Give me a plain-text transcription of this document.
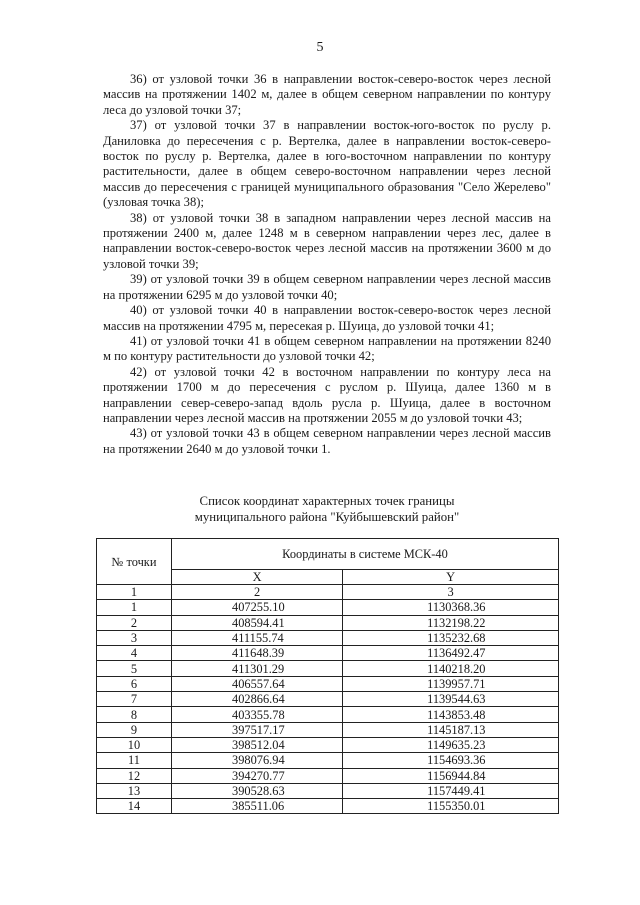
5

36) от узловой точки 36 в направлении восток-северо-восток через лесной массив на протяжении 1402 м, далее в общем северном направлении по контуру леса до узловой точки 37;

37) от узловой точки 37 в направлении восток-юго-восток по руслу р. Даниловка до пересечения с р. Вертелка, далее в направлении восток-северо-восток по руслу р. Вертелка, далее в юго-восточном направлении по контуру растительности, далее в общем северо-восточном направлении через лесной массив до пересечения с границей муниципального образования "Село Жерелево" (узловая точка 38);

38) от узловой точки 38 в западном направлении через лесной массив на протяжении 2400 м, далее 1248 м в северном направлении через лес, далее в направлении восток-северо-восток через лесной массив на протяжении 3600 м до узловой точки 39;

39) от узловой точки 39 в общем северном направлении через лесной массив на протяжении 6295 м до узловой точки 40;

40) от узловой точки 40 в направлении восток-северо-восток через лесной массив на протяжении 4795 м, пересекая р. Шуица, до узловой точки 41;

41) от узловой точки 41 в общем северном направлении на протяжении 8240 м по контуру растительности до узловой точки 42;

42) от узловой точки 42 в восточном направлении по контуру леса на протяжении 1700 м до пересечения с руслом р. Шуица, далее 1360 м в направлении север-северо-запад вдоль русла р. Шуица, далее в восточном направлении через лесной массив на протяжении 2055 м до узловой точки 43;

43) от узловой точки 43 в общем северном направлении через лесной массив на протяжении 2640 м до узловой точки 1.

Список координат характерных точек границы
муниципального района "Куйбышевский район"
№ точки	Координаты в системе МСК-40	
	X	Y
1	2	3
1	407255.10	1130368.36
2	408594.41	1132198.22
3	411155.74	1135232.68
4	411648.39	1136492.47
5	411301.29	1140218.20
6	406557.64	1139957.71
7	402866.64	1139544.63
8	403355.78	1143853.48
9	397517.17	1145187.13
10	398512.04	1149635.23
11	398076.94	1154693.36
12	394270.77	1156944.84
13	390528.63	1157449.41
14	385511.06	1155350.01
